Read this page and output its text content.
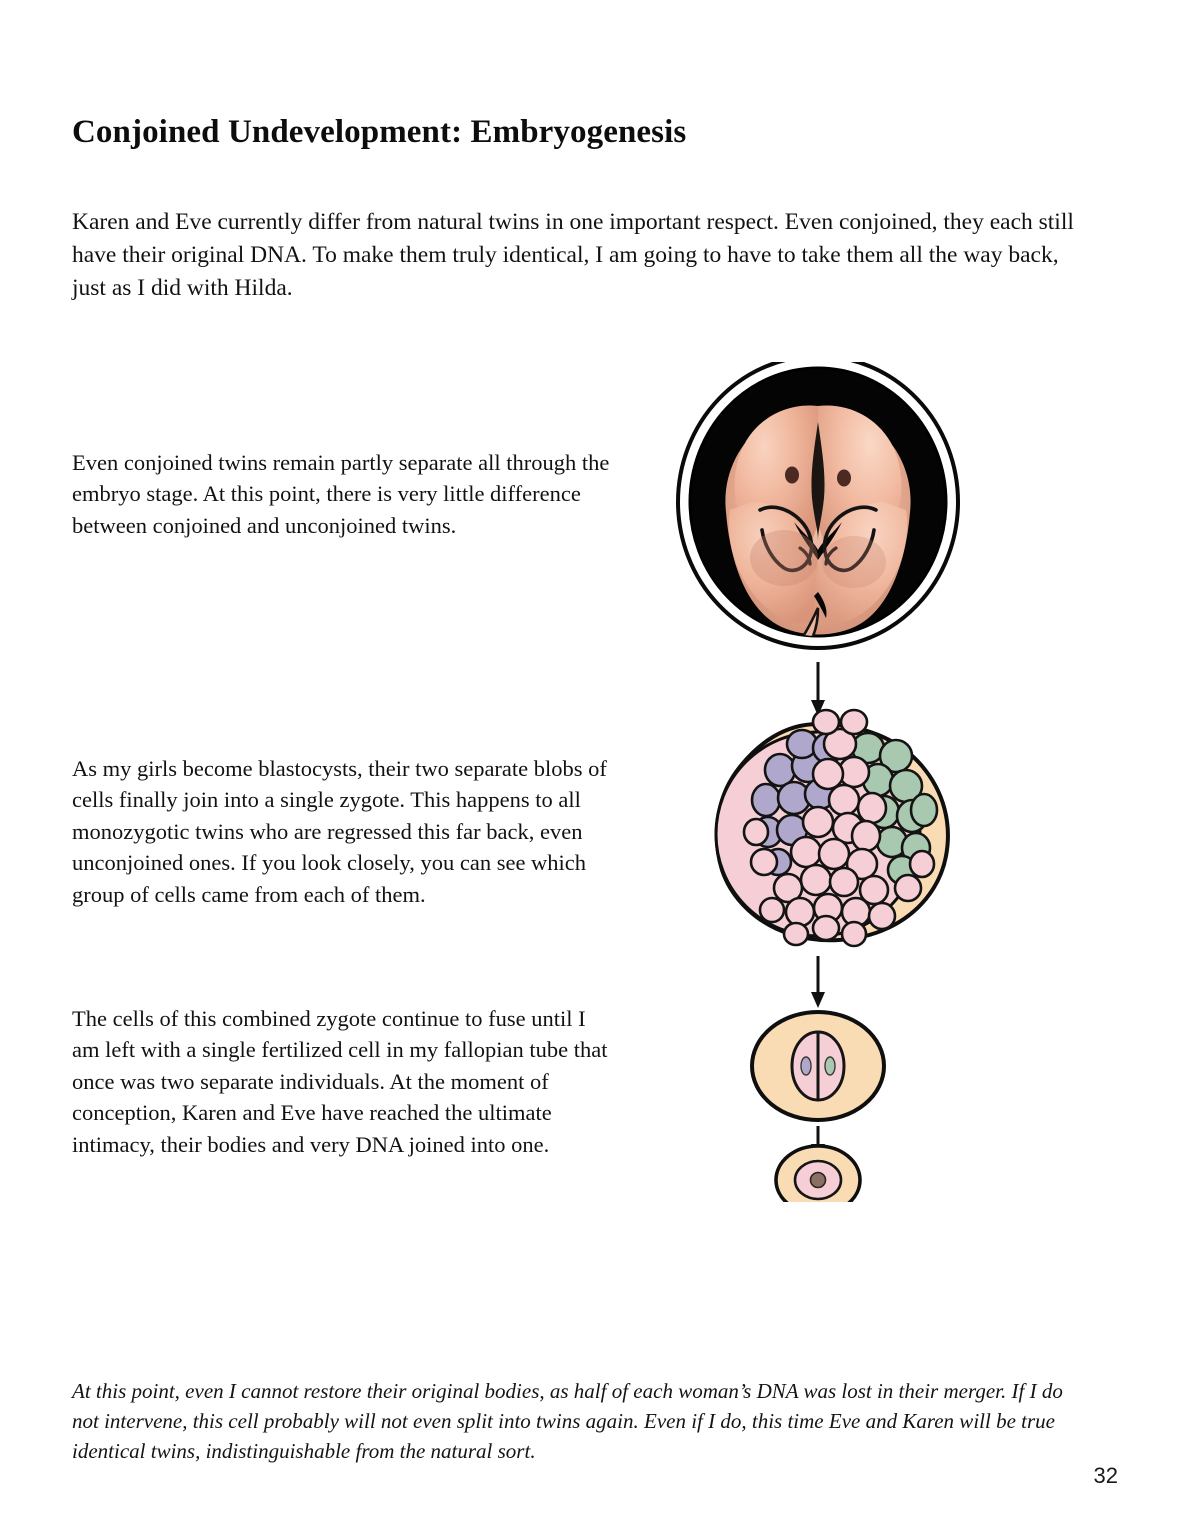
Conjoined Undevelopment: Embryogenesis

Karen and Eve currently differ from natural twins in one important respect. Even conjoined, they each still have their original DNA. To make them truly identical, I am going to have to take them all the way back, just as I did with Hilda.

Even conjoined twins remain partly separate all through the embryo stage. At this point, there is very little difference between conjoined and unconjoined twins.

As my girls become blastocysts, their two separate blobs of cells finally join into a single zygote. This happens to all monozygotic twins who are regressed this far back, even unconjoined ones. If you look closely, you can see which group of cells came from each of them.

The cells of this combined zygote continue to fuse until I am left with a single fertilized cell in my fallopian tube that once was two separate individuals. At the moment of conception, Karen and Eve have reached the ultimate intimacy, their bodies and very DNA joined into one.

At this point, even I cannot restore their original bodies, as half of each woman’s DNA was lost in their merger. If I do not intervene, this cell probably will not even split into twins again. Even if I do, this time Eve and Karen will be true identical twins, indistinguishable from the natural sort.

32
